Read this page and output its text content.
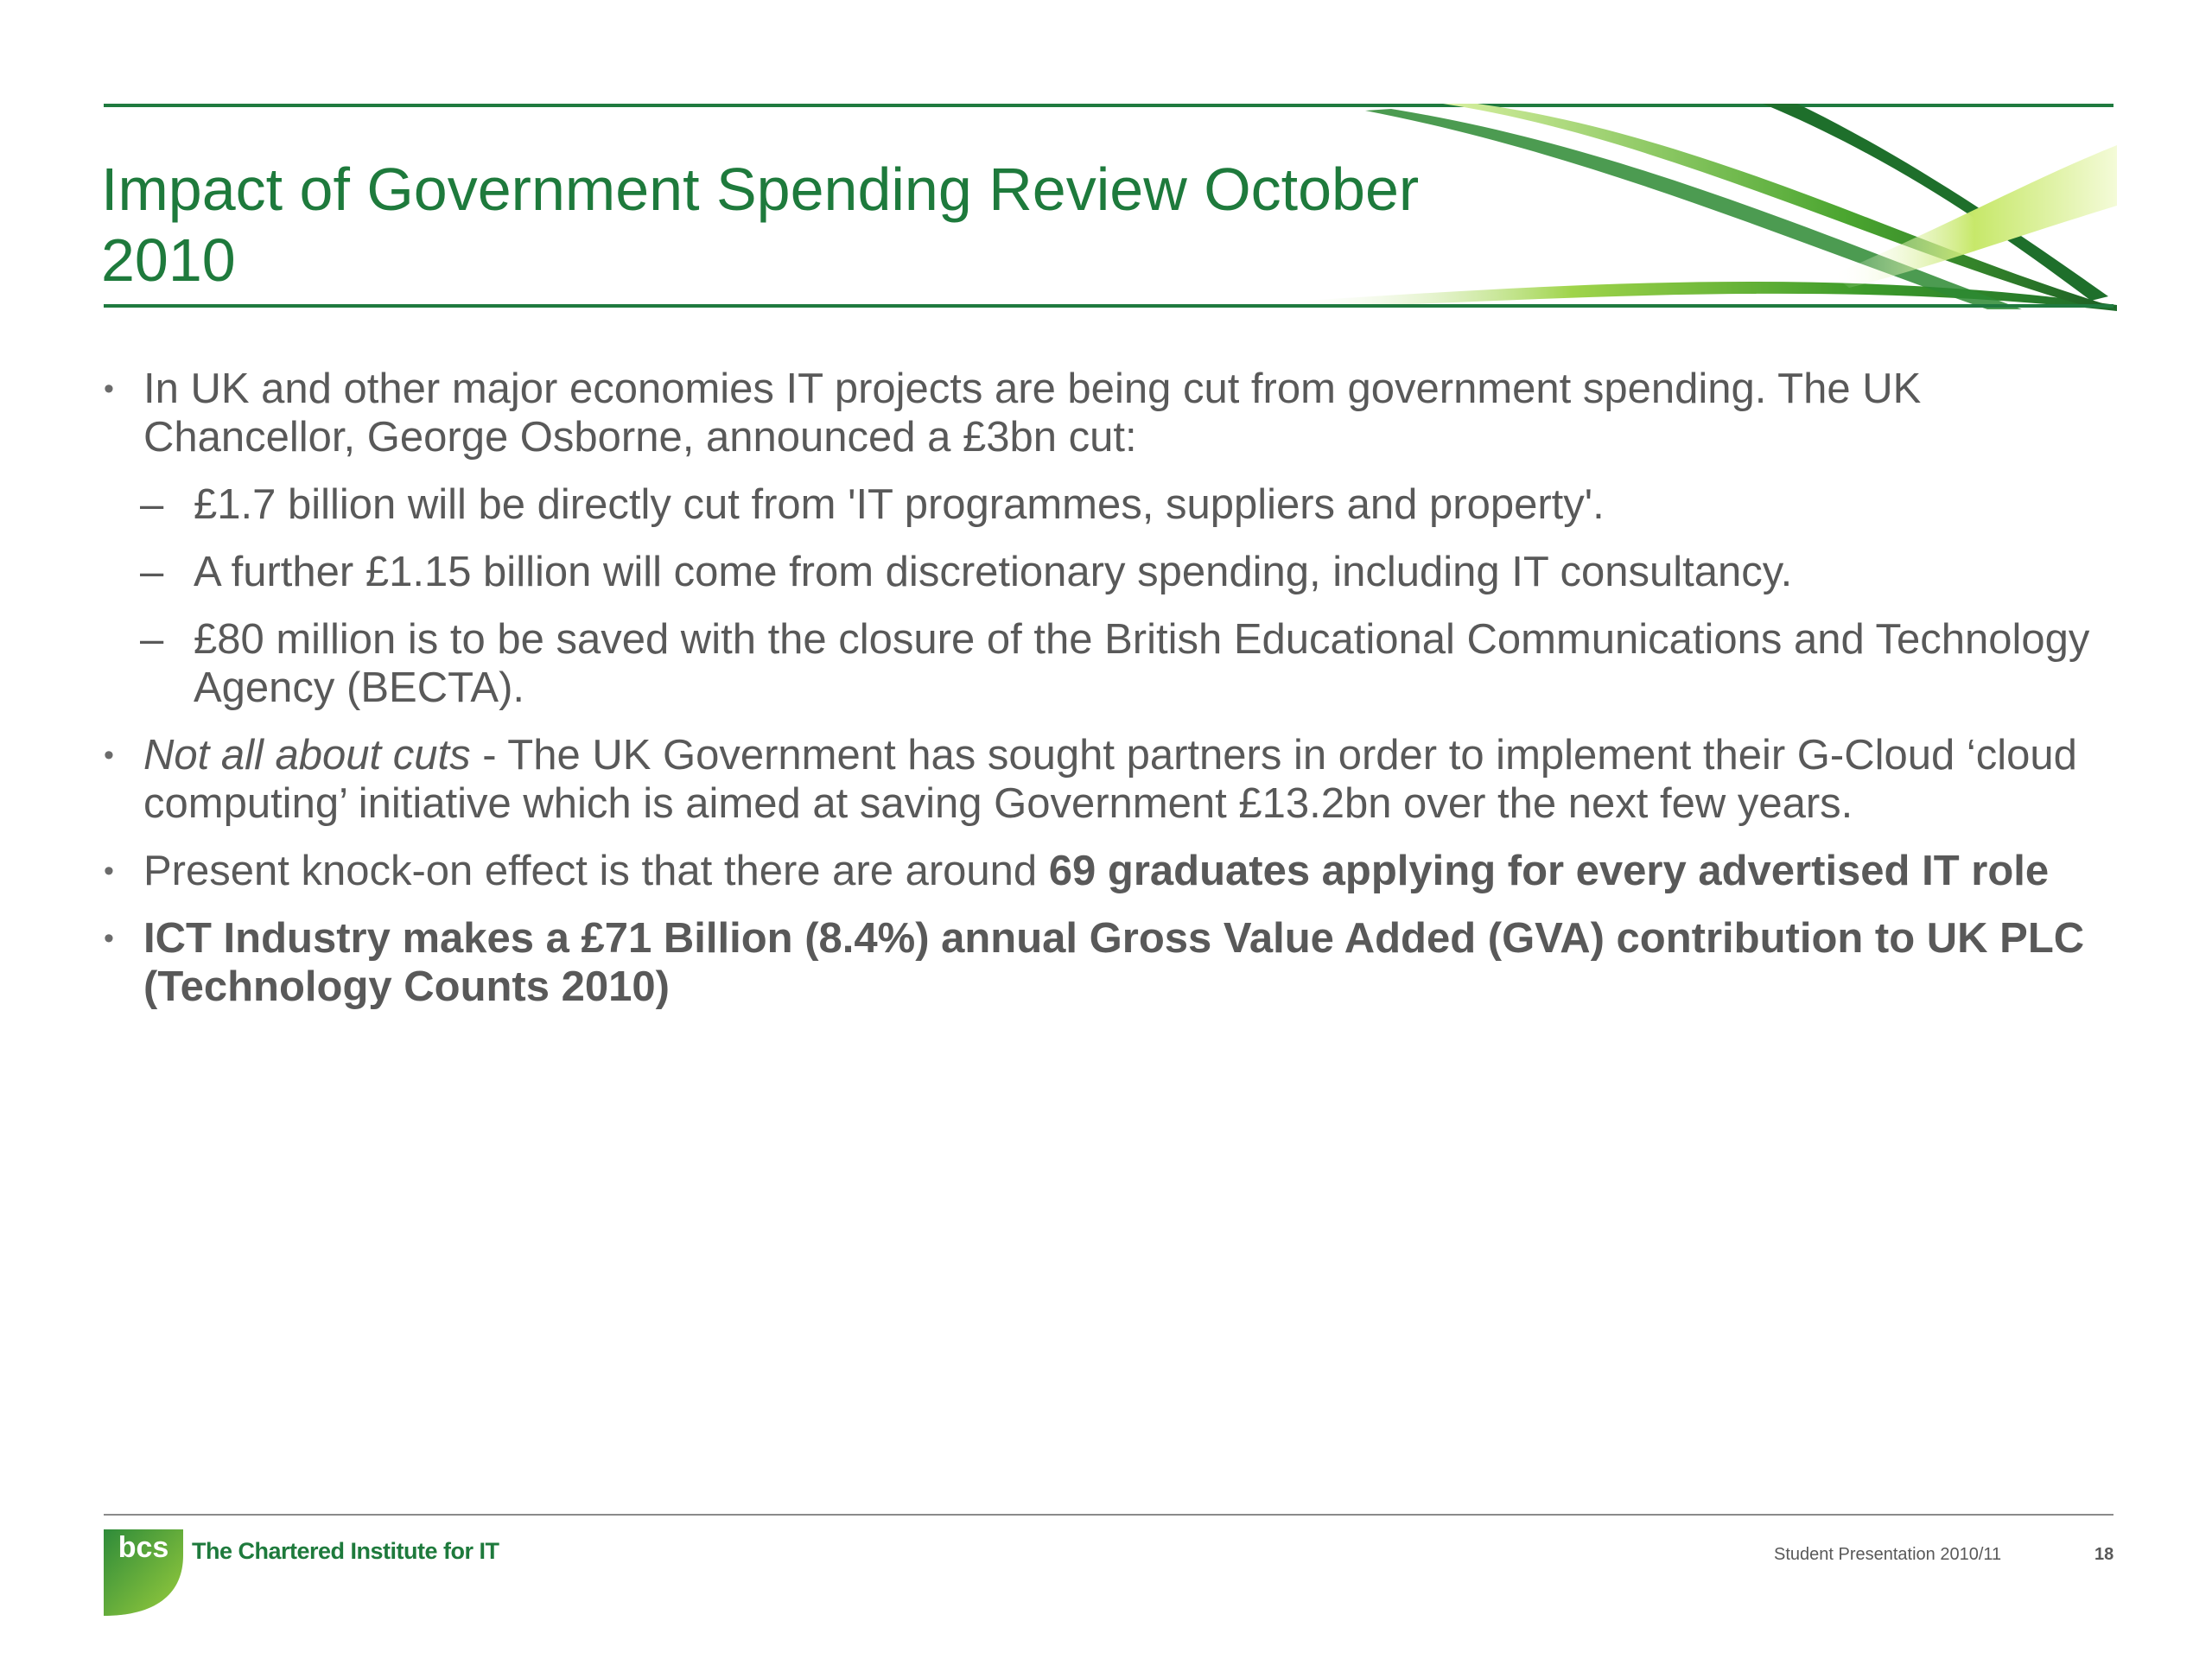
Impact of Government Spending Review October 2010
• In UK and other major economies IT projects are being cut from government spending. The UK Chancellor, George Osborne, announced a £3bn cut:
– £1.7 billion will be directly cut from 'IT programmes, suppliers and property'.
– A further £1.15 billion will come from discretionary spending, including IT consultancy.
– £80 million is to be saved with the closure of the British Educational Communications and Technology Agency (BECTA).
• Not all about cuts - The UK Government has sought partners in order to implement their G-Cloud ‘cloud computing’ initiative which is aimed at saving Government £13.2bn over the next few years.
• Present knock-on effect is that there are around 69 graduates applying for every advertised IT role
• ICT Industry makes a £71 Billion (8.4%) annual Gross Value Added (GVA) contribution to UK PLC (Technology Counts 2010)
bcs The Chartered Institute for IT	Student Presentation 2010/11	18
